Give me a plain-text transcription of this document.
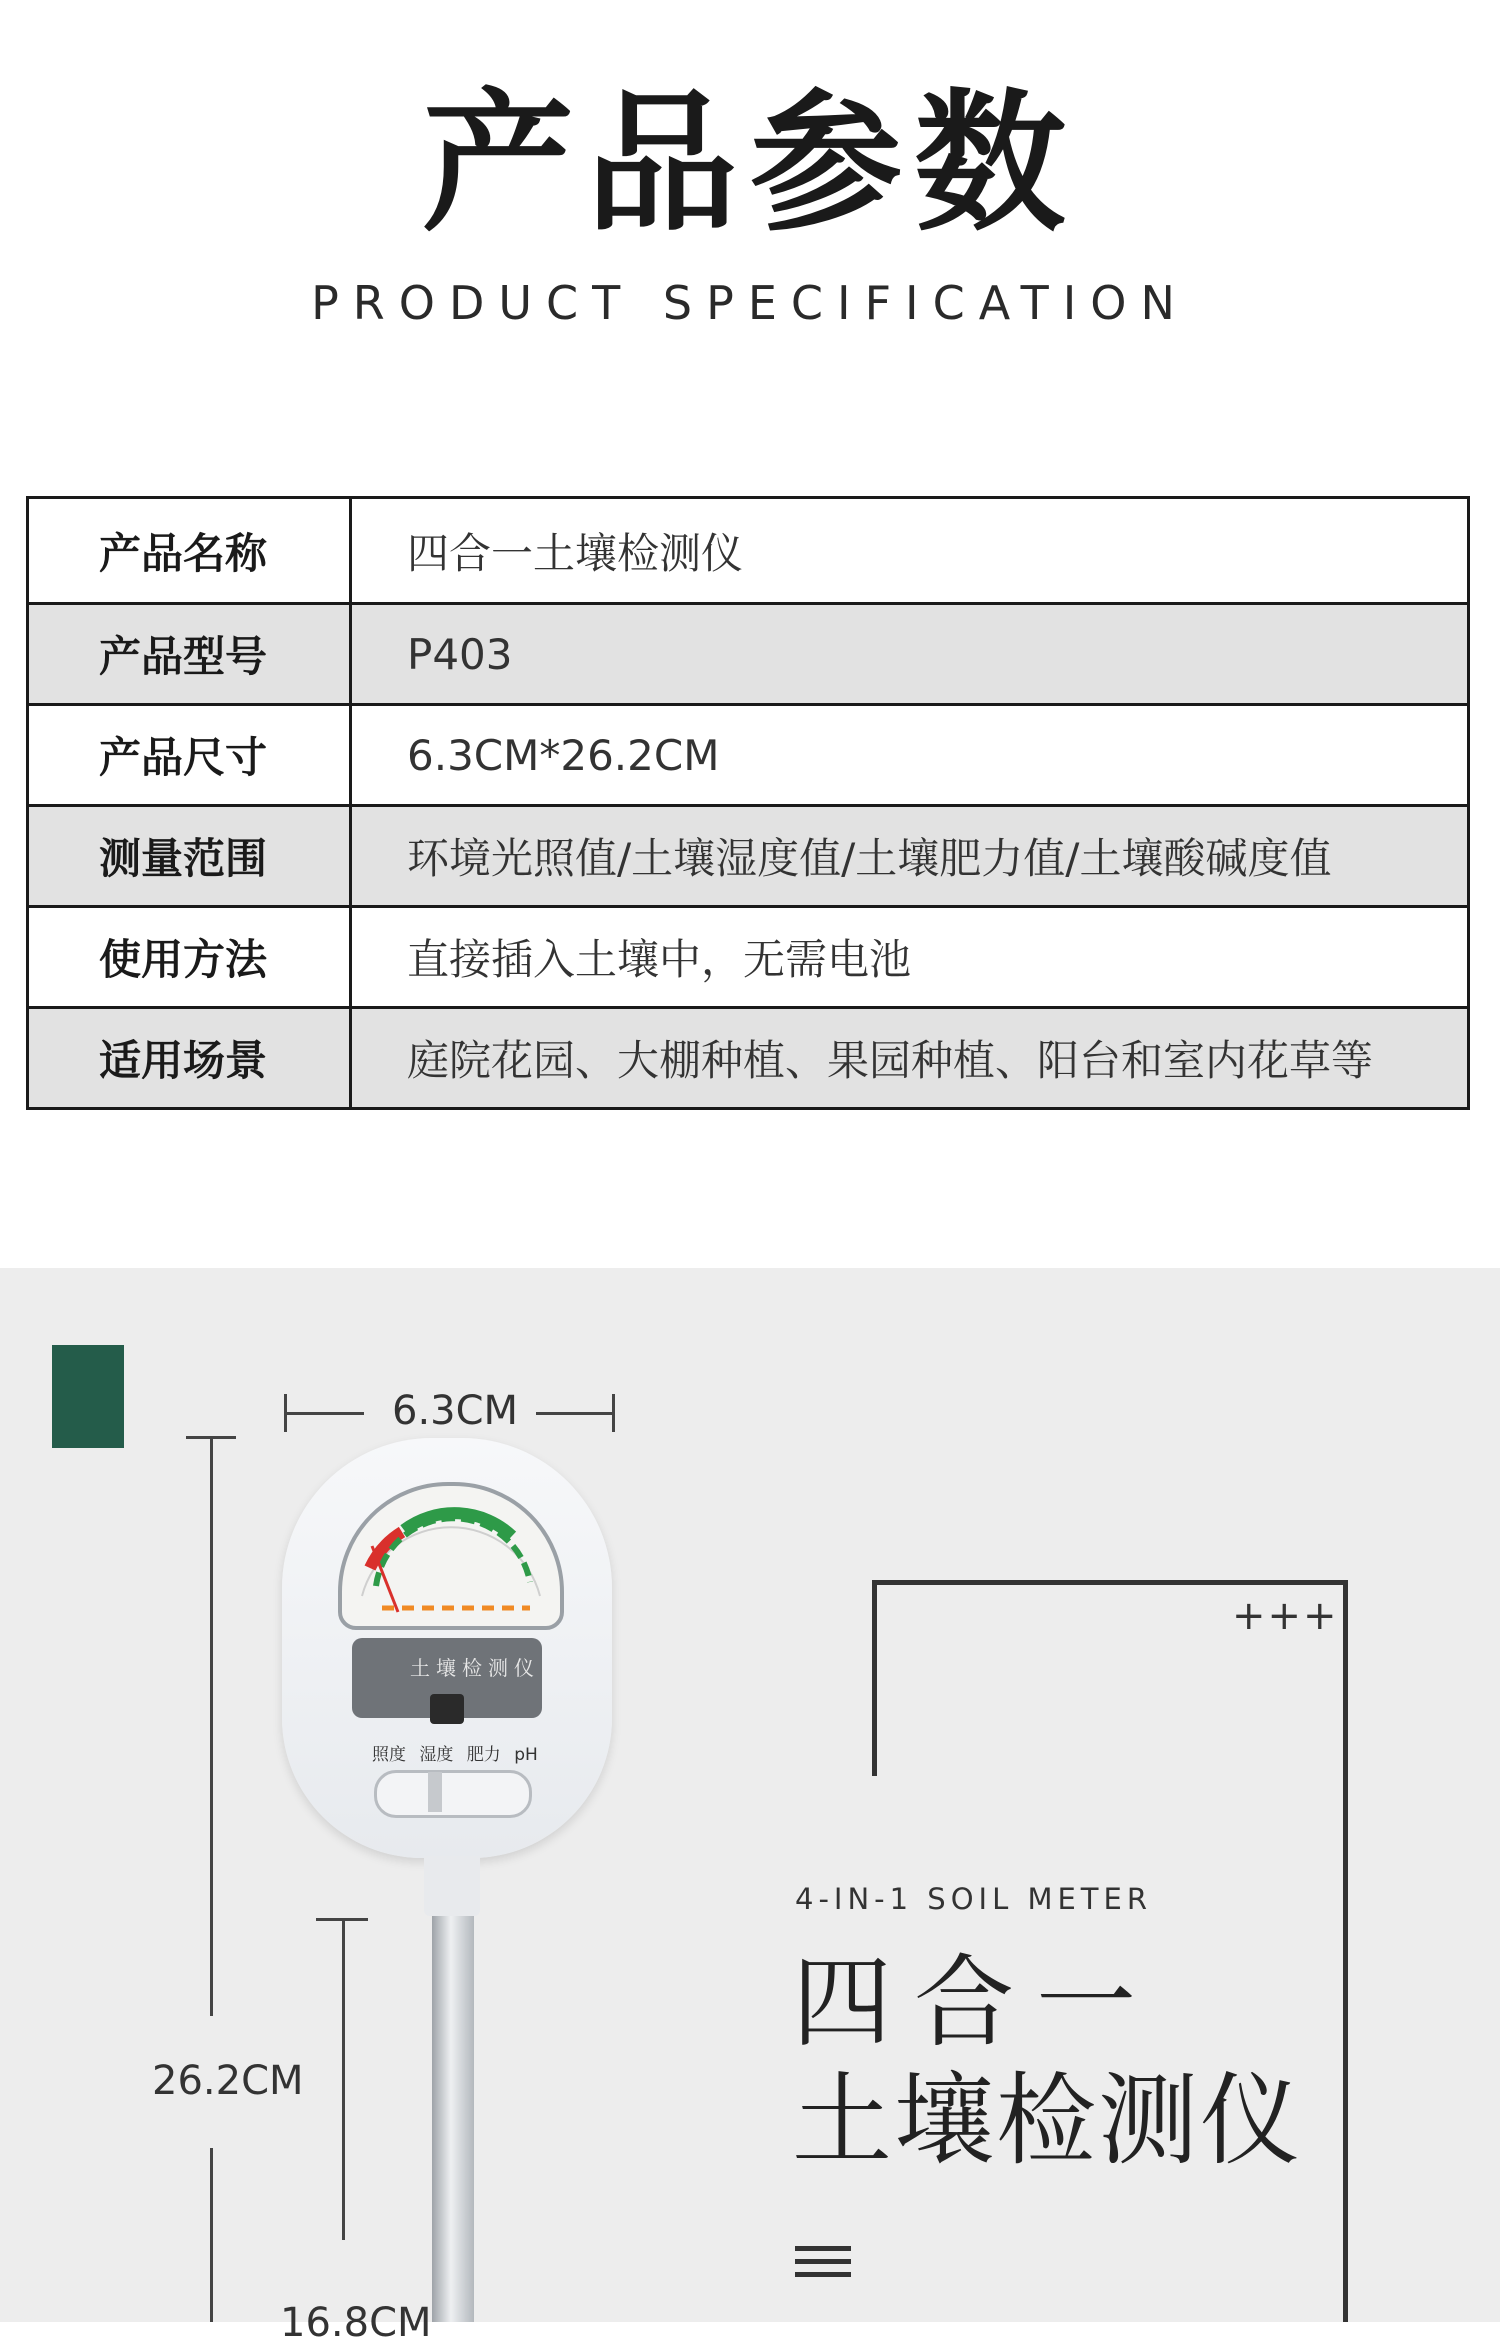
产品参数
PRODUCT SPECIFICATION
产品名称	四合一土壤检测仪
产品型号	P403
产品尺寸	6.3CM*26.2CM
测量范围	环境光照值/土壤湿度值/土壤肥力值/土壤酸碱度值
使用方法	直接插入土壤中，无需电池
适用场景	庭院花园、大棚种植、果园种植、阳台和室内花草等
6.3CM
26.2CM
16.8CM
土壤检测仪
照度 湿度 肥力 pH
+++
4-IN-1 SOIL METER
四合一
土壤检测仪
